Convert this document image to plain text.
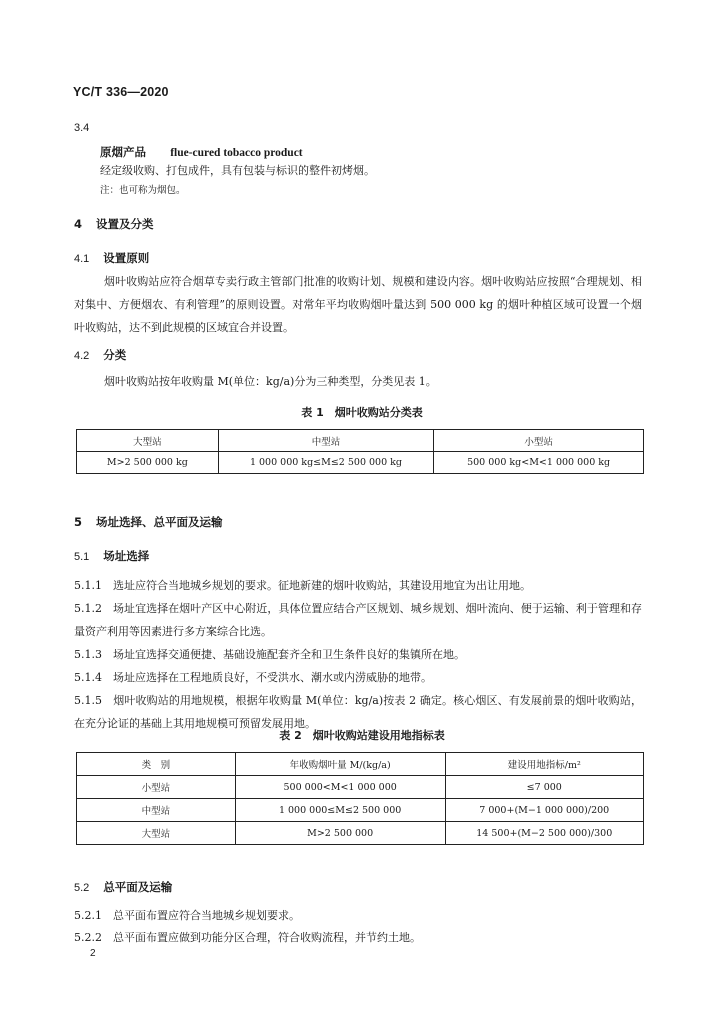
YC/T 336—2020
3.4
原烟产品 flue-cured tobacco product
经定级收购、打包成件，具有包装与标识的整件初烤烟。
注：也可称为烟包。
4 设置及分类
4.1 设置原则
烟叶收购站应符合烟草专卖行政主管部门批准的收购计划、规模和建设内容。烟叶收购站应按照“合理规划、相对集中、方便烟农、有利管理”的原则设置。对常年平均收购烟叶量达到 500 000 kg 的烟叶种植区域可设置一个烟叶收购站，达不到此规模的区域宜合并设置。
4.2 分类
烟叶收购站按年收购量 M(单位：kg/a)分为三种类型，分类见表 1。
表 1　烟叶收购站分类表
大型站	中型站	小型站
M>2 500 000 kg	1 000 000 kg≤M≤2 500 000 kg	500 000 kg<M<1 000 000 kg
5 场址选择、总平面及运输
5.1 场址选择
5.1.1　选址应符合当地城乡规划的要求。征地新建的烟叶收购站，其建设用地宜为出让用地。
5.1.2　场址宜选择在烟叶产区中心附近，具体位置应结合产区规划、城乡规划、烟叶流向、便于运输、利于管理和存量资产利用等因素进行多方案综合比选。
5.1.3　场址宜选择交通便捷、基础设施配套齐全和卫生条件良好的集镇所在地。
5.1.4　场址应选择在工程地质良好，不受洪水、潮水或内涝威胁的地带。
5.1.5　烟叶收购站的用地规模，根据年收购量 M(单位：kg/a)按表 2 确定。核心烟区、有发展前景的烟叶收购站，在充分论证的基础上其用地规模可预留发展用地。
表 2　烟叶收购站建设用地指标表
类　别	年收购烟叶量 M/(kg/a)	建设用地指标/m²
小型站	500 000<M<1 000 000	≤7 000
中型站	1 000 000≤M≤2 500 000	7 000+(M−1 000 000)/200
大型站	M>2 500 000	14 500+(M−2 500 000)/300
5.2 总平面及运输
5.2.1　总平面布置应符合当地城乡规划要求。
5.2.2　总平面布置应做到功能分区合理，符合收购流程，并节约土地。
2
